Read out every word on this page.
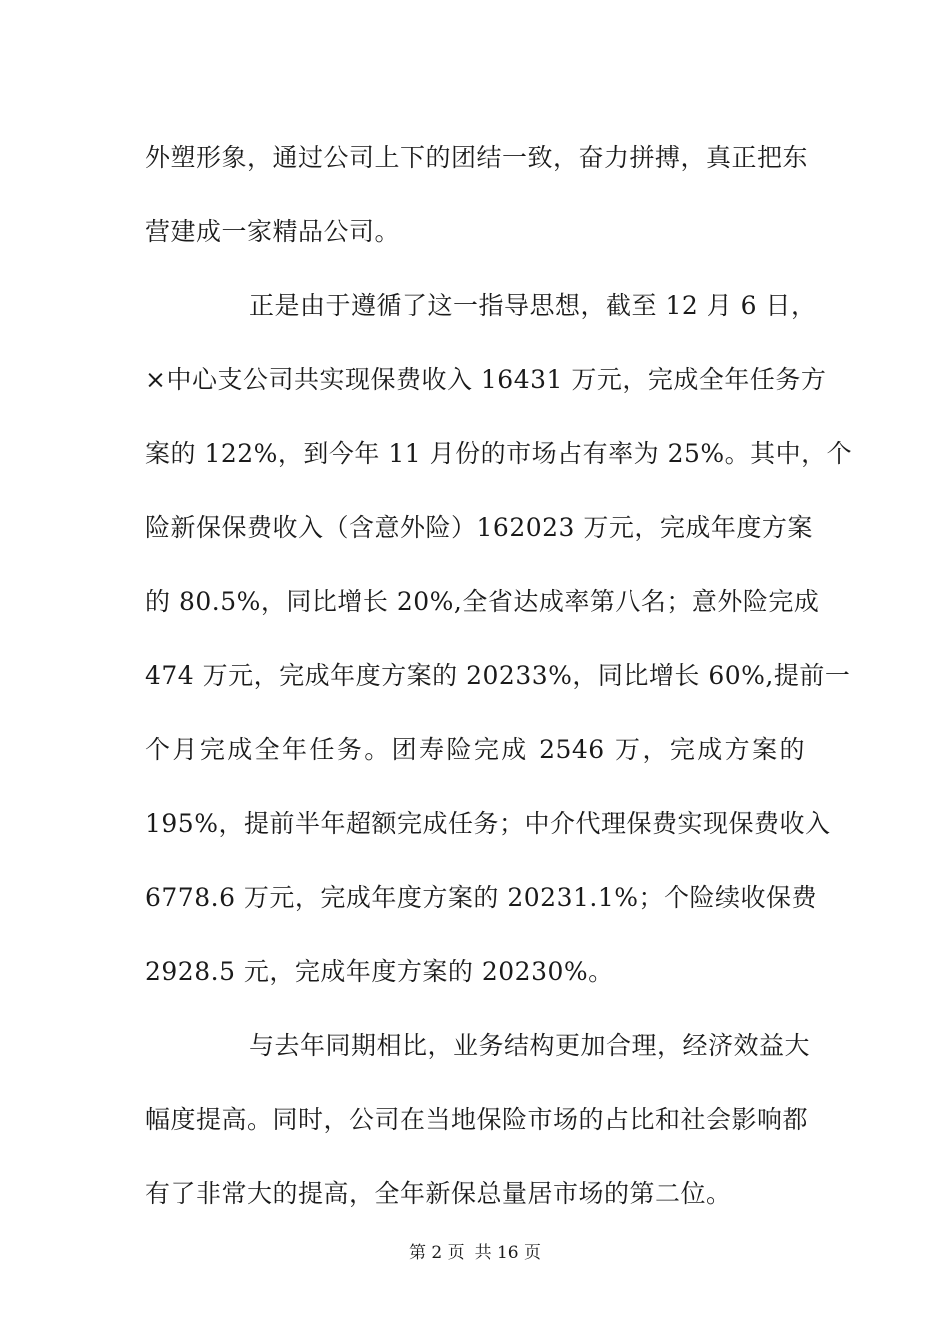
外塑形象，通过公司上下的团结一致，奋力拼搏，真正把东
营建成一家精品公司。
正是由于遵循了这一指导思想，截至 12 月 6 日，
×中心支公司共实现保费收入 16431 万元，完成全年任务方
案的 122%，到今年 11 月份的市场占有率为 25%。其中，个
险新保保费收入（含意外险）162023 万元，完成年度方案
的 80.5%，同比增长 20%,全省达成率第八名；意外险完成
474 万元，完成年度方案的 20233%，同比增长 60%,提前一
个月完成全年任务。团寿险完成 2546 万，完成方案的
195%，提前半年超额完成任务；中介代理保费实现保费收入
6778.6 万元，完成年度方案的 20231.1%；个险续收保费
2928.5 元，完成年度方案的 20230%。
与去年同期相比，业务结构更加合理，经济效益大
幅度提高。同时，公司在当地保险市场的占比和社会影响都
有了非常大的提高，全年新保总量居市场的第二位。
第 2 页 共 16 页
